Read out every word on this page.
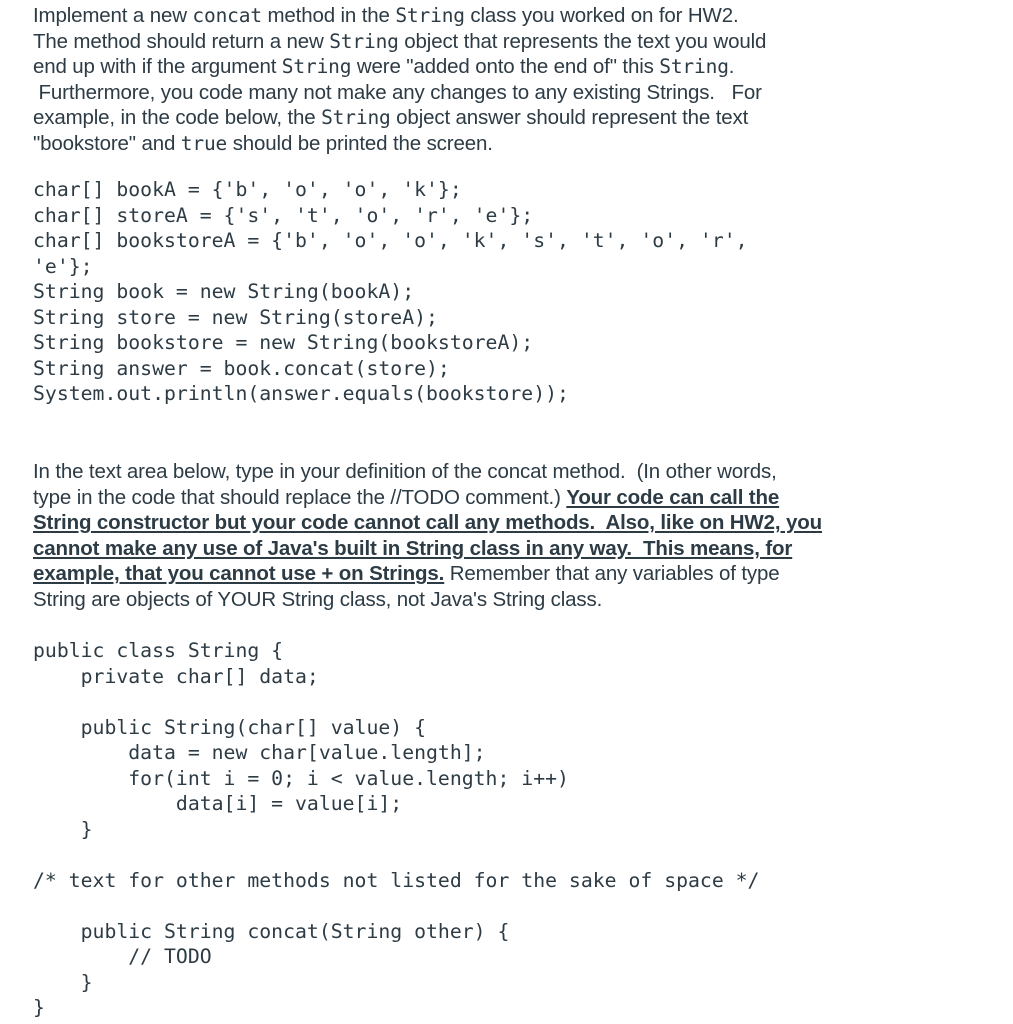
Implement a new concat method in the String class you worked on for HW2.
The method should return a new String object that represents the text you would
end up with if the argument String were "added onto the end of" this String.
Furthermore, you code many not make any changes to any existing Strings.   For
example, in the code below, the String object answer should represent the text
"bookstore" and true should be printed the screen.

char[] bookA = {'b', 'o', 'o', 'k'};
char[] storeA = {'s', 't', 'o', 'r', 'e'};
char[] bookstoreA = {'b', 'o', 'o', 'k', 's', 't', 'o', 'r',
'e'};
String book = new String(bookA);
String store = new String(storeA);
String bookstore = new String(bookstoreA);
String answer = book.concat(store);
System.out.println(answer.equals(bookstore));

In the text area below, type in your definition of the concat method.  (In other words,
type in the code that should replace the //TODO comment.) Your code can call the
String constructor but your code cannot call any methods.  Also, like on HW2, you
cannot make any use of Java's built in String class in any way.  This means, for
example, that you cannot use + on Strings. Remember that any variables of type
String are objects of YOUR String class, not Java's String class.

public class String {
private char[] data;
public String(char[] value) {
data = new char[value.length];
for(int i = 0; i < value.length; i++)
data[i] = value[i];
}
/* text for other methods not listed for the sake of space */
public String concat(String other) {
// TODO
}
}
